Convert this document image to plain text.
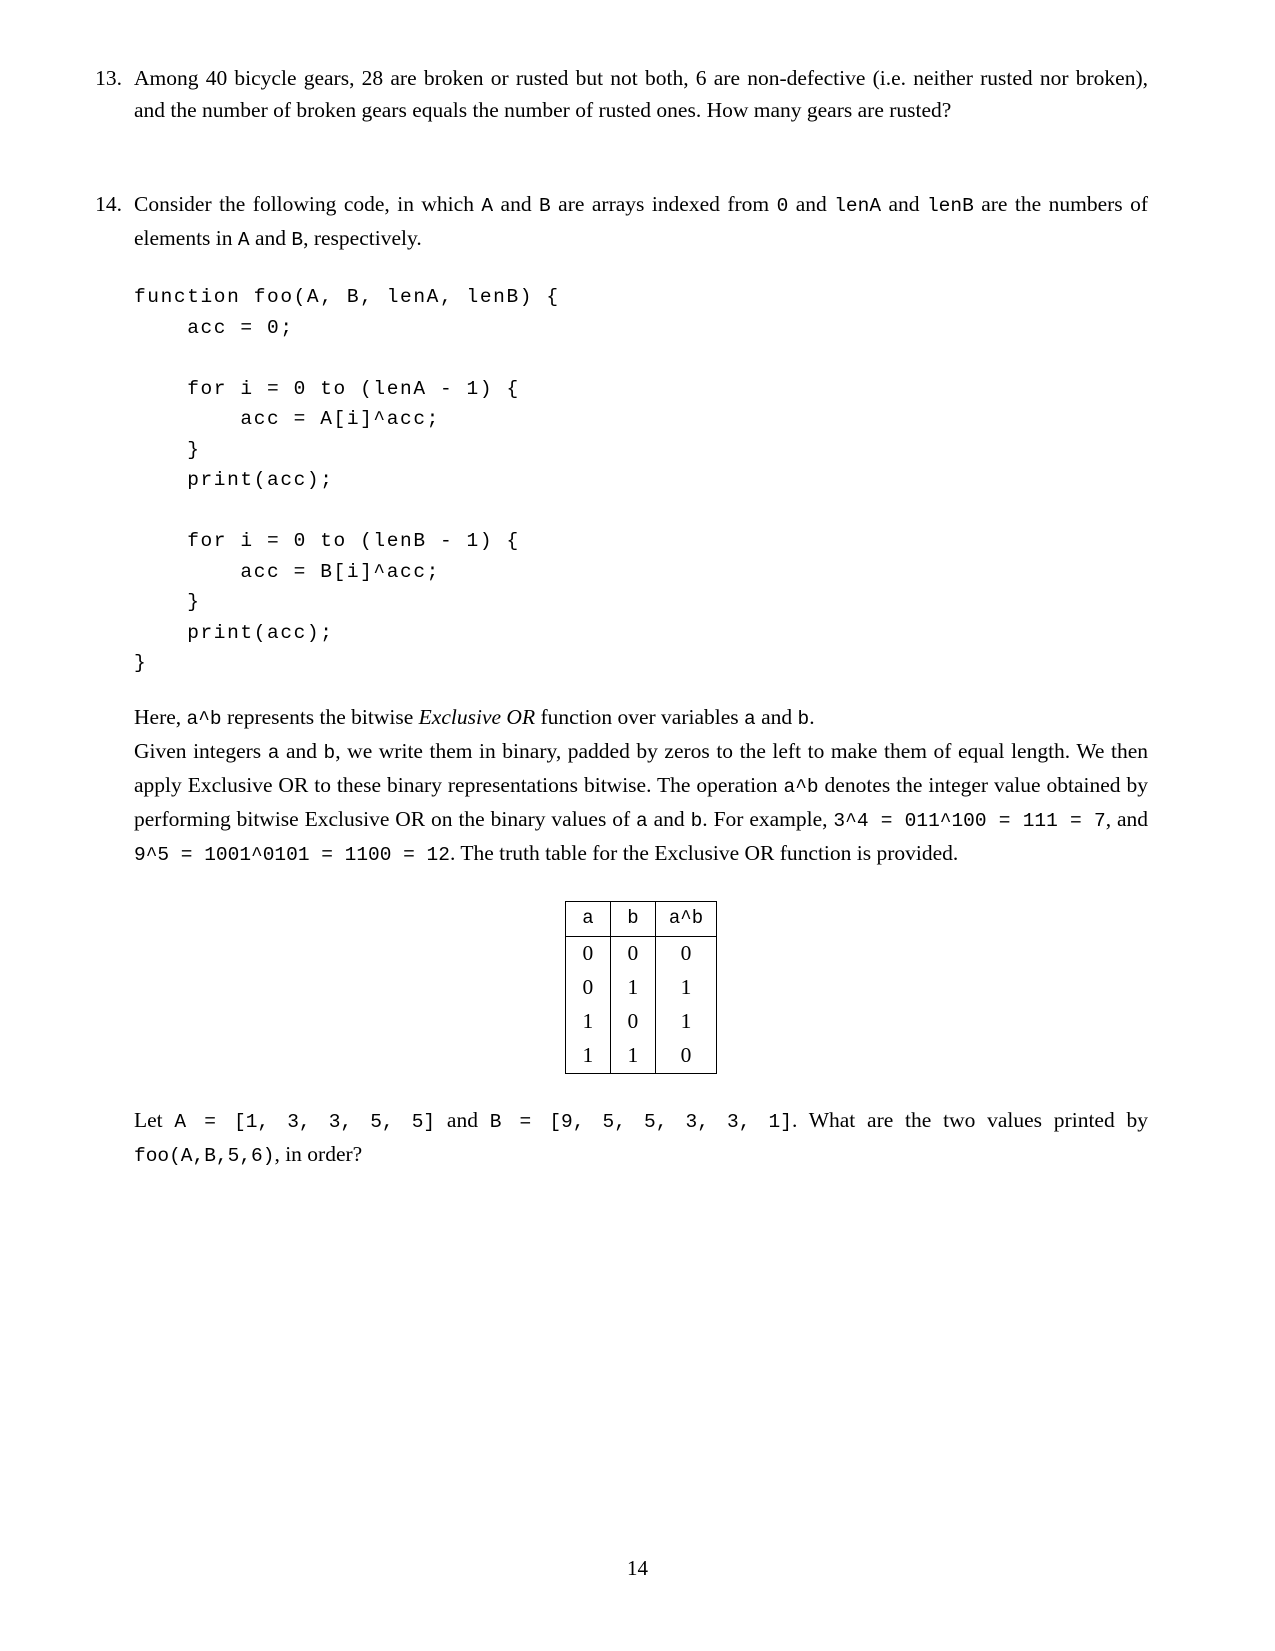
13. Among 40 bicycle gears, 28 are broken or rusted but not both, 6 are non-defective (i.e. neither rusted nor broken), and the number of broken gears equals the number of rusted ones. How many gears are rusted?

14. Consider the following code, in which A and B are arrays indexed from 0 and lenA and lenB are the numbers of elements in A and B, respectively.

function foo(A, B, lenA, lenB) {
acc = 0;

for i = 0 to (lenA - 1) {
acc = A[i]^acc;
}
print(acc);

for i = 0 to (lenB - 1) {
acc = B[i]^acc;
}
print(acc);
}

Here, a^b represents the bitwise Exclusive OR function over variables a and b.

Given integers a and b, we write them in binary, padded by zeros to the left to make them of equal length. We then apply Exclusive OR to these binary representations bitwise. The operation a^b denotes the integer value obtained by performing bitwise Exclusive OR on the binary values of a and b. For example, 3^4 = 011^100 = 111 = 7, and 9^5 = 1001^0101 = 1100 = 12. The truth table for the Exclusive OR function is provided.

a	b	a^b
0	0	0
0	1	1
1	0	1
1	1	0

Let A = [1, 3, 3, 5, 5] and B = [9, 5, 5, 3, 3, 1]. What are the two values printed by foo(A,B,5,6), in order?

14
